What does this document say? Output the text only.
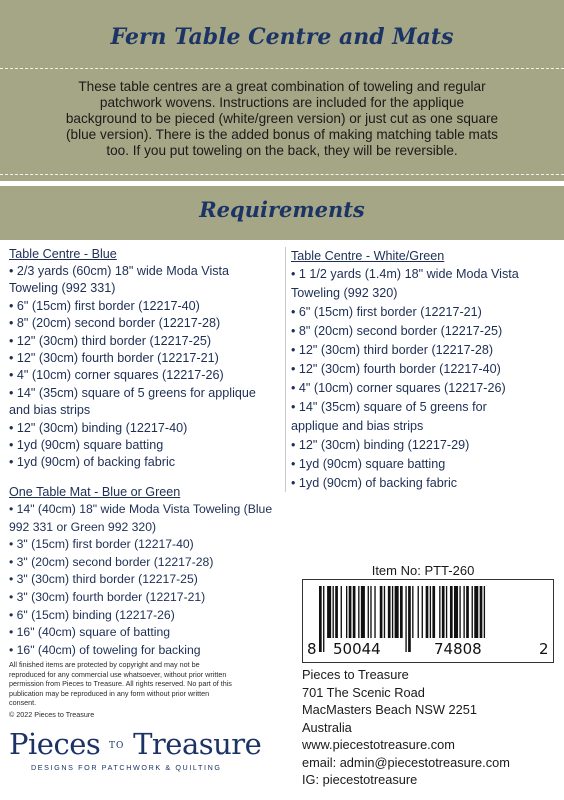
Fern Table Centre and Mats
These table centres are a great combination of toweling and regular
patchwork wovens. Instructions are included for the applique
background to be pieced (white/green version) or just cut as one square
(blue version). There is the added bonus of making matching table mats
too. If you put toweling on the back, they will be reversible.
Requirements
Table Centre - Blue
• 2/3 yards (60cm) 18" wide Moda Vista
Toweling (992 331)
• 6" (15cm) first border (12217-40)
• 8" (20cm) second border (12217-28)
• 12" (30cm) third border (12217-25)
• 12" (30cm) fourth border (12217-21)
• 4" (10cm) corner squares (12217-26)
• 14" (35cm) square of 5 greens for applique
and bias strips
• 12" (30cm) binding (12217-40)
• 1yd (90cm) square batting
• 1yd (90cm) of backing fabric
Table Centre - White/Green
• 1 1/2 yards (1.4m) 18" wide Moda Vista
Toweling (992 320)
• 6" (15cm) first border (12217-21)
• 8" (20cm) second border (12217-25)
• 12" (30cm) third border (12217-28)
• 12" (30cm) fourth border (12217-40)
• 4" (10cm) corner squares (12217-26)
• 14" (35cm) square of 5 greens for
applique and bias strips
• 12" (30cm) binding (12217-29)
• 1yd (90cm) square batting
• 1yd (90cm) of backing fabric
One Table Mat - Blue or Green
• 14" (40cm) 18" wide Moda Vista Toweling (Blue
992 331 or Green 992 320)
• 3" (15cm) first border (12217-40)
• 3" (20cm) second border (12217-28)
• 3" (30cm) third border (12217-25)
• 3" (30cm) fourth border (12217-21)
• 6" (15cm) binding (12217-26)
• 16" (40cm) square of batting
• 16" (40cm) of toweling for backing
Item No: PTT-260
8 50044	74808	2
All finished items are protected by copyright and may not be
reproduced for any commercial use whatsoever, without prior written
permission from Pieces to Treasure. All rights reserved. No part of this
publication may be reproduced in any form without prior written
consent.
© 2022 Pieces to Treasure
Pieces TO Treasure
DESIGNS FOR PATCHWORK & QUILTING
Pieces to Treasure
701 The Scenic Road
MacMasters Beach NSW 2251
Australia
www.piecestotreasure.com
email: admin@piecestotreasure.com
IG: piecestotreasure
